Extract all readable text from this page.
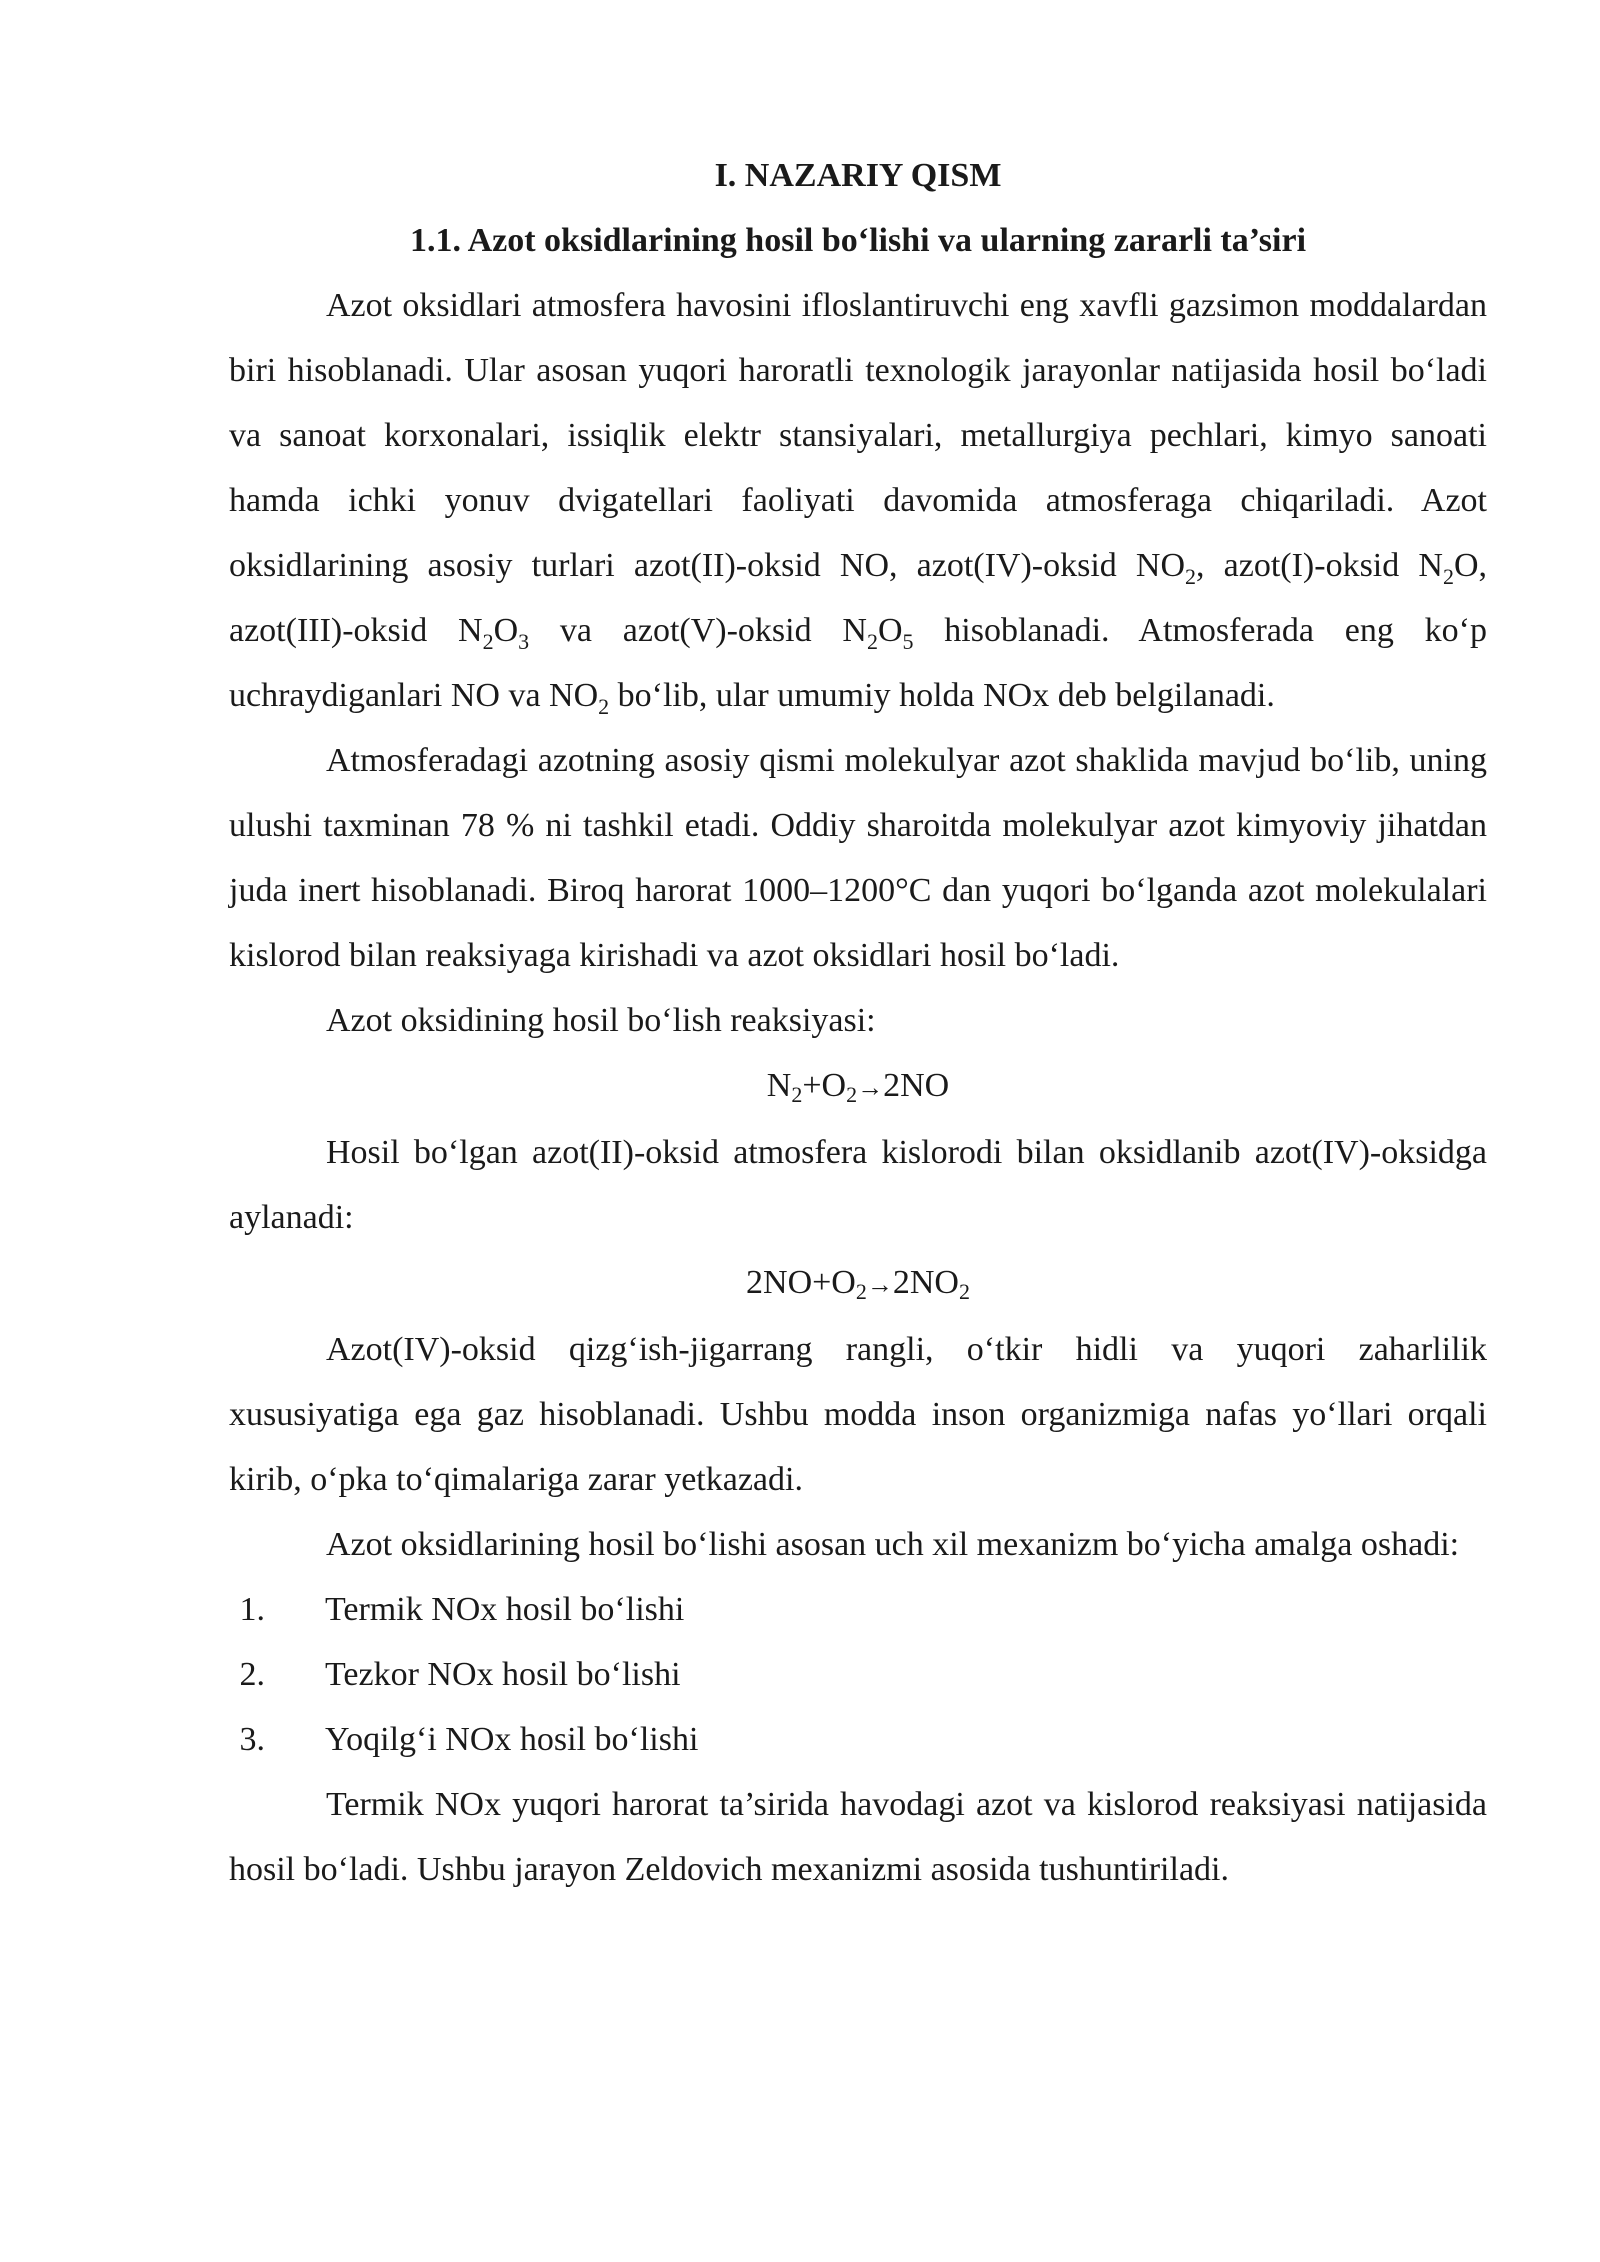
I. NAZARIY QISM
1.1. Azot oksidlarining hosil bo‘lishi va ularning zararli ta’siri

Azot oksidlari atmosfera havosini ifloslantiruvchi eng xavfli gazsimon moddalardan biri hisoblanadi. Ular asosan yuqori haroratli texnologik jarayonlar natijasida hosil bo‘ladi va sanoat korxonalari, issiqlik elektr stansiyalari, metallurgiya pechlari, kimyo sanoati hamda ichki yonuv dvigatellari faoliyati davomida atmosferaga chiqariladi. Azot oksidlarining asosiy turlari azot(II)-oksid NO, azot(IV)-oksid $NO_2$, azot(I)-oksid $N_2O$, azot(III)-oksid $N_2O_3$ va azot(V)-oksid $N_2O_5$ hisoblanadi. Atmosferada eng ko‘p uchraydiganlari NO va $NO_2$ bo‘lib, ular umumiy holda NOx deb belgilanadi.

Atmosferadagi azotning asosiy qismi molekulyar azot shaklida mavjud bo‘lib, uning ulushi taxminan 78 % ni tashkil etadi. Oddiy sharoitda molekulyar azot kimyoviy jihatdan juda inert hisoblanadi. Biroq harorat 1000–1200°C dan yuqori bo‘lganda azot molekulalari kislorod bilan reaksiyaga kirishadi va azot oksidlari hosil bo‘ladi.

Azot oksidining hosil bo‘lish reaksiyasi:

N2+O2→2NO

Hosil bo‘lgan azot(II)-oksid atmosfera kislorodi bilan oksidlanib azot(IV)-oksidga aylanadi:

2NO+O2→2NO2

Azot(IV)-oksid qizg‘ish-jigarrang rangli, o‘tkir hidli va yuqori zaharlilik xususiyatiga ega gaz hisoblanadi. Ushbu modda inson organizmiga nafas yo‘llari orqali kirib, o‘pka to‘qimalariga zarar yetkazadi.

Azot oksidlarining hosil bo‘lishi asosan uch xil mexanizm bo‘yicha amalga oshadi:

1. Termik NOx hosil bo‘lishi
2. Tezkor NOx hosil bo‘lishi
3. Yoqilg‘i NOx hosil bo‘lishi

Termik NOx yuqori harorat ta’sirida havodagi azot va kislorod reaksiyasi natijasida hosil bo‘ladi. Ushbu jarayon Zeldovich mexanizmi asosida tushuntiriladi.
